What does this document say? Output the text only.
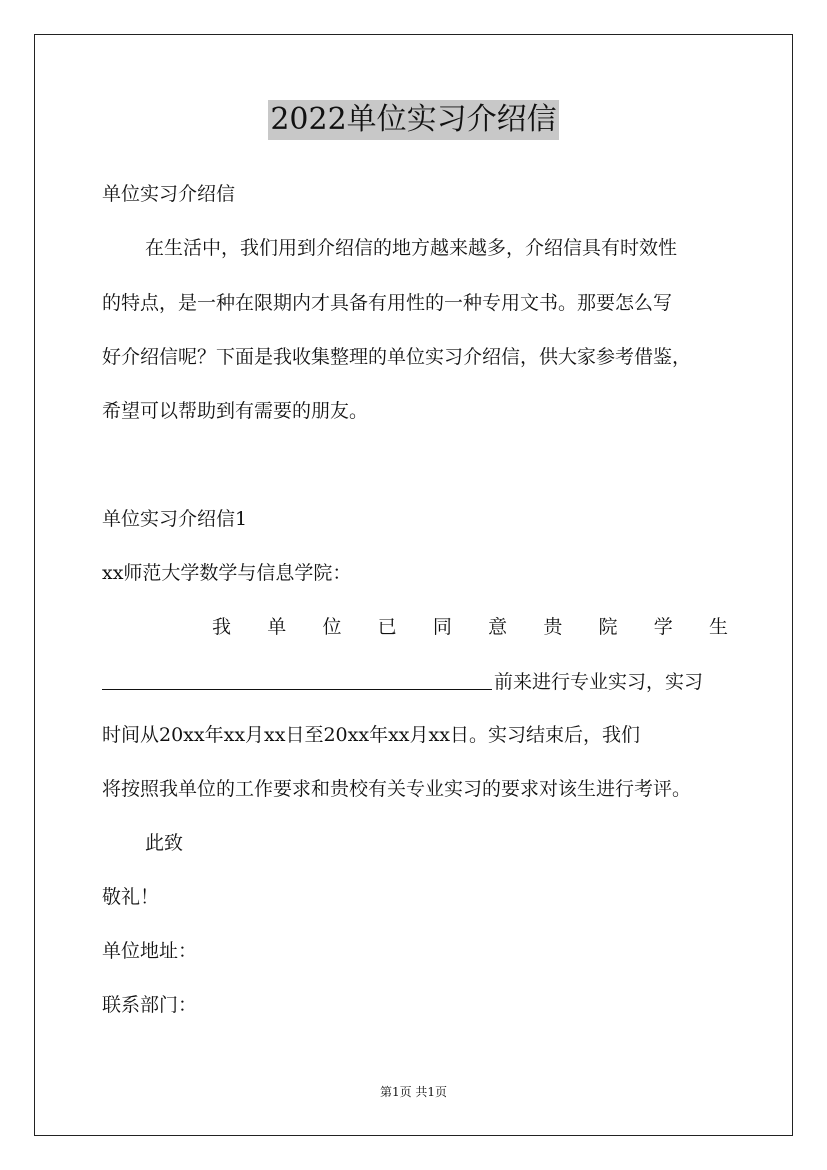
2022单位实习介绍信
单位实习介绍信
在生活中，我们用到介绍信的地方越来越多，介绍信具有时效性
的特点，是一种在限期内才具备有用性的一种专用文书。那要怎么写
好介绍信呢？下面是我收集整理的单位实习介绍信，供大家参考借鉴，
希望可以帮助到有需要的朋友。
单位实习介绍信1
xx师范大学数学与信息学院：
我 单 位 已 同 意 贵 院 学 生
前来进行专业实习，实习
时间从20xx年xx月xx日至20xx年xx月xx日。实习结束后，我们
将按照我单位的工作要求和贵校有关专业实习的要求对该生进行考评。
此致
敬礼！
单位地址：
联系部门：
第1页 共1页
